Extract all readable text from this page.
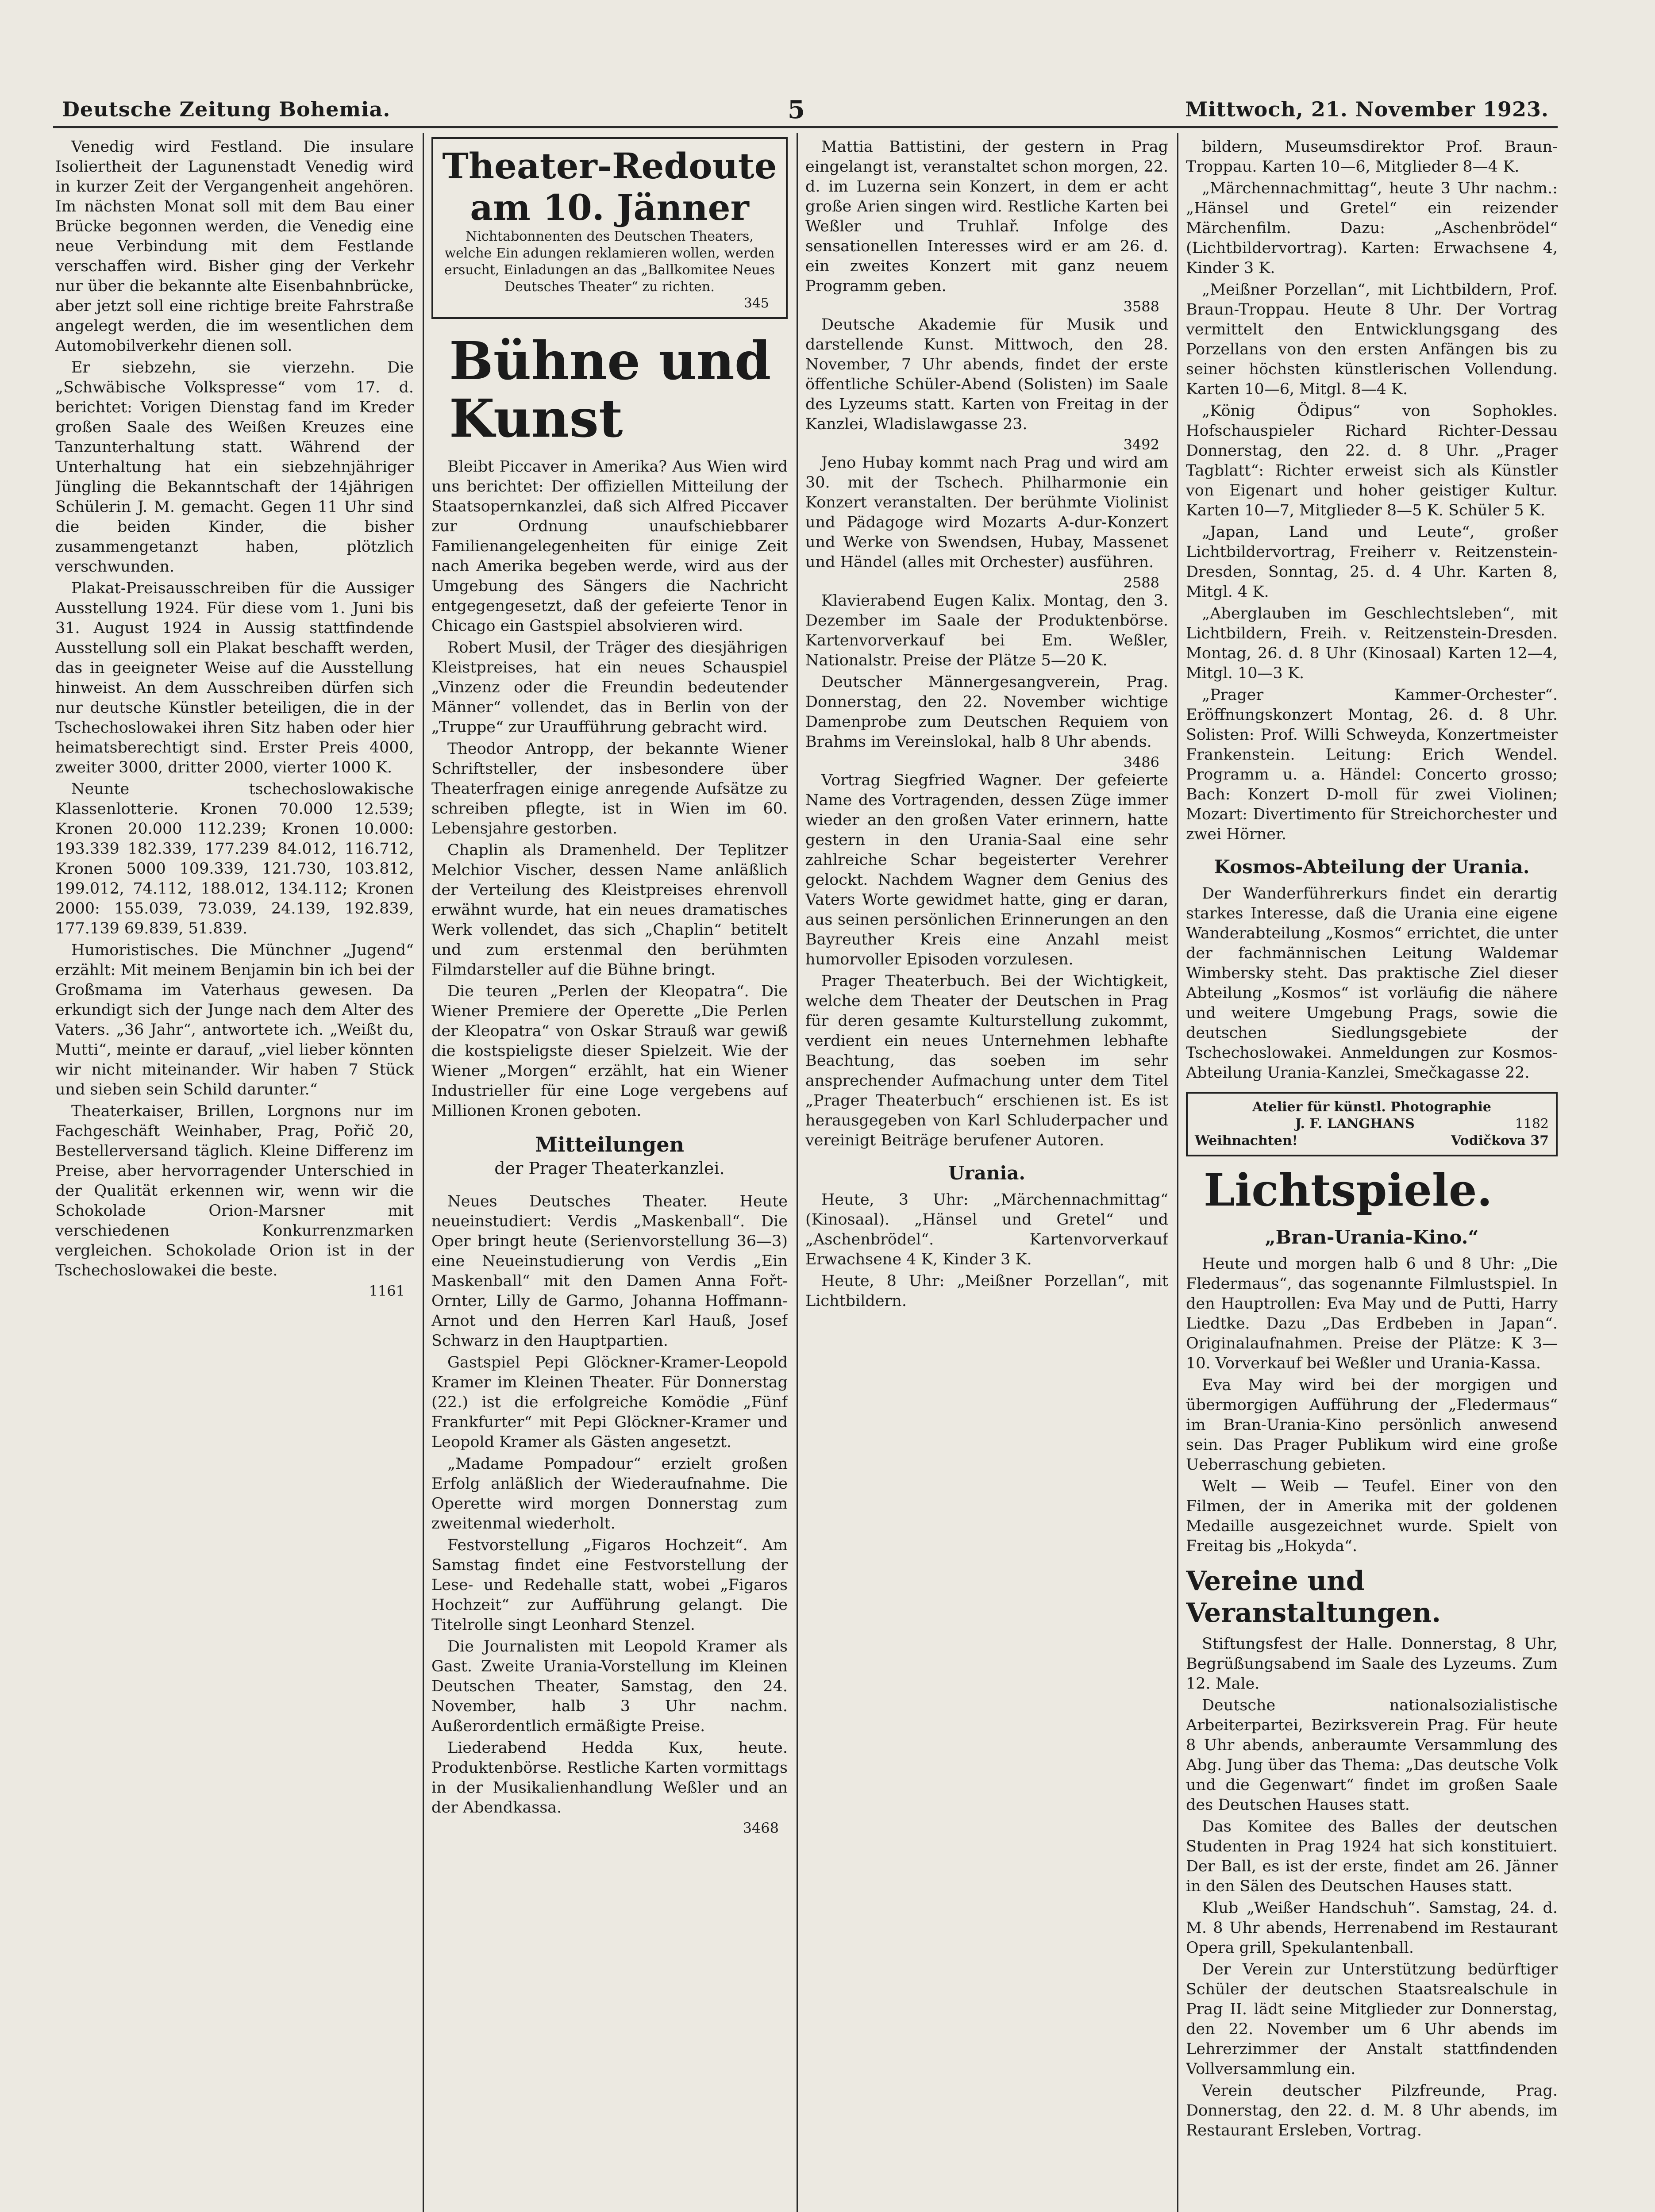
Deutsche Zeitung Bohemia.	5	Mittwoch, 21. November 1923.

Venedig wird Festland. Die insulare Isoliertheit der Lagunenstadt Venedig wird in kurzer Zeit der Vergangenheit angehören. Im nächsten Monat soll mit dem Bau einer Brücke begonnen werden, die Venedig eine neue Verbindung mit dem Festlande verschaffen wird. Bisher ging der Verkehr nur über die bekannte alte Eisenbahnbrücke, aber jetzt soll eine richtige breite Fahrstraße angelegt werden, die im wesentlichen dem Automobilverkehr dienen soll.

Er siebzehn, sie vierzehn. Die „Schwäbische Volkspresse“ vom 17. d. berichtet: Vorigen Dienstag fand im Kreder großen Saale des Weißen Kreuzes eine Tanzunterhaltung statt. Während der Unterhaltung hat ein siebzehnjähriger Jüngling die Bekanntschaft der 14jährigen Schülerin J. M. gemacht. Gegen 11 Uhr sind die beiden Kinder, die bisher zusammengetanzt haben, plötzlich verschwunden.

Plakat-Preisausschreiben für die Aussiger Ausstellung 1924. Für diese vom 1. Juni bis 31. August 1924 in Aussig stattfindende Ausstellung soll ein Plakat beschafft werden, das in geeigneter Weise auf die Ausstellung hinweist. An dem Ausschreiben dürfen sich nur deutsche Künstler beteiligen, die in der Tschechoslowakei ihren Sitz haben oder hier heimatsberechtigt sind. Erster Preis 4000, zweiter 3000, dritter 2000, vierter 1000 K.

Neunte tschechoslowakische Klassenlotterie. Kronen 70.000 12.539; Kronen 20.000 112.239; Kronen 10.000: 193.339 182.339, 177.239 84.012, 116.712, Kronen 5000 109.339, 121.730, 103.812, 199.012, 74.112, 188.012, 134.112; Kronen 2000: 155.039, 73.039, 24.139, 192.839, 177.139 69.839, 51.839.

Humoristisches. Die Münchner „Jugend“ erzählt: Mit meinem Benjamin bin ich bei der Großmama im Vaterhaus gewesen. Da erkundigt sich der Junge nach dem Alter des Vaters. „36 Jahr“, antwortete ich. „Weißt du, Mutti“, meinte er darauf, „viel lieber könnten wir nicht miteinander. Wir haben 7 Stück und sieben sein Schild darunter.“

Theaterkaiser, Brillen, Lorgnons nur im Fachgeschäft Weinhaber, Prag, Pořič 20, Bestellerversand täglich. Kleine Differenz im Preise, aber hervorragender Unterschied in der Qualität erkennen wir, wenn wir die Schokolade Orion-Marsner mit verschiedenen Konkurrenzmarken vergleichen. Schokolade Orion ist in der Tschechoslowakei die beste.

1161
Theater-Redoute am 10. Jänner
Nichtabonnenten des Deutschen Theaters, welche Ein adungen reklamieren wollen, werden ersucht, Einladungen an das „Ballkomitee Neues Deutsches Theater“ zu richten.
345
Bühne und Kunst

Bleibt Piccaver in Amerika? Aus Wien wird uns berichtet: Der offiziellen Mitteilung der Staatsopernkanzlei, daß sich Alfred Piccaver zur Ordnung unaufschiebbarer Familienangelegenheiten für einige Zeit nach Amerika begeben werde, wird aus der Umgebung des Sängers die Nachricht entgegengesetzt, daß der gefeierte Tenor in Chicago ein Gastspiel absolvieren wird.

Robert Musil, der Träger des diesjährigen Kleistpreises, hat ein neues Schauspiel „Vinzenz oder die Freundin bedeutender Männer“ vollendet, das in Berlin von der „Truppe“ zur Uraufführung gebracht wird.

Theodor Antropp, der bekannte Wiener Schriftsteller, der insbesondere über Theaterfragen einige anregende Aufsätze zu schreiben pflegte, ist in Wien im 60. Lebensjahre gestorben.

Chaplin als Dramenheld. Der Teplitzer Melchior Vischer, dessen Name anläßlich der Verteilung des Kleistpreises ehrenvoll erwähnt wurde, hat ein neues dramatisches Werk vollendet, das sich „Chaplin“ betitelt und zum erstenmal den berühmten Filmdarsteller auf die Bühne bringt.

Die teuren „Perlen der Kleopatra“. Die Wiener Premiere der Operette „Die Perlen der Kleopatra“ von Oskar Strauß war gewiß die kostspieligste dieser Spielzeit. Wie der Wiener „Morgen“ erzählt, hat ein Wiener Industrieller für eine Loge vergebens auf Millionen Kronen geboten.

Mitteilungen
der Prager Theaterkanzlei.

Neues Deutsches Theater. Heute neueinstudiert: Verdis „Maskenball“. Die Oper bringt heute (Serienvorstellung 36—3) eine Neueinstudierung von Verdis „Ein Maskenball“ mit den Damen Anna Fořt-Ornter, Lilly de Garmo, Johanna Hoffmann-Arnot und den Herren Karl Hauß, Josef Schwarz in den Hauptpartien.

Gastspiel Pepi Glöckner-Kramer-Leopold Kramer im Kleinen Theater. Für Donnerstag (22.) ist die erfolgreiche Komödie „Fünf Frankfurter“ mit Pepi Glöckner-Kramer und Leopold Kramer als Gästen angesetzt.

„Madame Pompadour“ erzielt großen Erfolg anläßlich der Wiederaufnahme. Die Operette wird morgen Donnerstag zum zweitenmal wiederholt.

Festvorstellung „Figaros Hochzeit“. Am Samstag findet eine Festvorstellung der Lese- und Redehalle statt, wobei „Figaros Hochzeit“ zur Aufführung gelangt. Die Titelrolle singt Leonhard Stenzel.

Die Journalisten mit Leopold Kramer als Gast. Zweite Urania-Vorstellung im Kleinen Deutschen Theater, Samstag, den 24. November, halb 3 Uhr nachm. Außerordentlich ermäßigte Preise.

Liederabend Hedda Kux, heute. Produktenbörse. Restliche Karten vormittags in der Musikalienhandlung Weßler und an der Abendkassa.

3468

Mattia Battistini, der gestern in Prag eingelangt ist, veranstaltet schon morgen, 22. d. im Luzerna sein Konzert, in dem er acht große Arien singen wird. Restliche Karten bei Weßler und Truhlař. Infolge des sensationellen Interesses wird er am 26. d. ein zweites Konzert mit ganz neuem Programm geben.

3588

Deutsche Akademie für Musik und darstellende Kunst. Mittwoch, den 28. November, 7 Uhr abends, findet der erste öffentliche Schüler-Abend (Solisten) im Saale des Lyzeums statt. Karten von Freitag in der Kanzlei, Wladislawgasse 23.

3492

Jeno Hubay kommt nach Prag und wird am 30. mit der Tschech. Philharmonie ein Konzert veranstalten. Der berühmte Violinist und Pädagoge wird Mozarts A-dur-Konzert und Werke von Swendsen, Hubay, Massenet und Händel (alles mit Orchester) ausführen.

2588

Klavierabend Eugen Kalix. Montag, den 3. Dezember im Saale der Produktenbörse. Kartenvorverkauf bei Em. Weßler, Nationalstr. Preise der Plätze 5—20 K.

Deutscher Männergesangverein, Prag. Donnerstag, den 22. November wichtige Damenprobe zum Deutschen Requiem von Brahms im Vereinslokal, halb 8 Uhr abends.

3486

Vortrag Siegfried Wagner. Der gefeierte Name des Vortragenden, dessen Züge immer wieder an den großen Vater erinnern, hatte gestern in den Urania-Saal eine sehr zahlreiche Schar begeisterter Verehrer gelockt. Nachdem Wagner dem Genius des Vaters Worte gewidmet hatte, ging er daran, aus seinen persönlichen Erinnerungen an den Bayreuther Kreis eine Anzahl meist humorvoller Episoden vorzulesen.

Prager Theaterbuch. Bei der Wichtigkeit, welche dem Theater der Deutschen in Prag für deren gesamte Kulturstellung zukommt, verdient ein neues Unternehmen lebhafte Beachtung, das soeben im sehr ansprechender Aufmachung unter dem Titel „Prager Theaterbuch“ erschienen ist. Es ist herausgegeben von Karl Schluderpacher und vereinigt Beiträge berufener Autoren.

Urania.

Heute, 3 Uhr: „Märchennachmittag“ (Kinosaal). „Hänsel und Gretel“ und „Aschenbrödel“. Kartenvorverkauf Erwachsene 4 K, Kinder 3 K.

Heute, 8 Uhr: „Meißner Porzellan“, mit Lichtbildern.

bildern, Museumsdirektor Prof. Braun-Troppau. Karten 10—6, Mitglieder 8—4 K.

„Märchennachmittag“, heute 3 Uhr nachm.: „Hänsel und Gretel“ ein reizender Märchenfilm. Dazu: „Aschenbrödel“ (Lichtbildervortrag). Karten: Erwachsene 4, Kinder 3 K.

„Meißner Porzellan“, mit Lichtbildern, Prof. Braun-Troppau. Heute 8 Uhr. Der Vortrag vermittelt den Entwicklungsgang des Porzellans von den ersten Anfängen bis zu seiner höchsten künstlerischen Vollendung. Karten 10—6, Mitgl. 8—4 K.

„König Ödipus“ von Sophokles. Hofschauspieler Richard Richter-Dessau Donnerstag, den 22. d. 8 Uhr. „Prager Tagblatt“: Richter erweist sich als Künstler von Eigenart und hoher geistiger Kultur. Karten 10—7, Mitglieder 8—5 K. Schüler 5 K.

„Japan, Land und Leute“, großer Lichtbildervortrag, Freiherr v. Reitzenstein-Dresden, Sonntag, 25. d. 4 Uhr. Karten 8, Mitgl. 4 K.

„Aberglauben im Geschlechtsleben“, mit Lichtbildern, Freih. v. Reitzenstein-Dresden. Montag, 26. d. 8 Uhr (Kinosaal) Karten 12—4, Mitgl. 10—3 K.

„Prager Kammer-Orchester“. Eröffnungskonzert Montag, 26. d. 8 Uhr. Solisten: Prof. Willi Schweyda, Konzertmeister Frankenstein. Leitung: Erich Wendel. Programm u. a. Händel: Concerto grosso; Bach: Konzert D-moll für zwei Violinen; Mozart: Divertimento für Streichorchester und zwei Hörner.

Kosmos-Abteilung der Urania.

Der Wanderführerkurs findet ein derartig starkes Interesse, daß die Urania eine eigene Wanderabteilung „Kosmos“ errichtet, die unter der fachmännischen Leitung Waldemar Wimbersky steht. Das praktische Ziel dieser Abteilung „Kosmos“ ist vorläufig die nähere und weitere Umgebung Prags, sowie die deutschen Siedlungsgebiete der Tschechoslowakei. Anmeldungen zur Kosmos-Abteilung Urania-Kanzlei, Smečkagasse 22.

Atelier für künstl. Photographie
J. F. LANGHANS	1182
Weihnachten!	Vodičkova 37
Lichtspiele.
„Bran-Urania-Kino.“

Heute und morgen halb 6 und 8 Uhr: „Die Fledermaus“, das sogenannte Filmlustspiel. In den Hauptrollen: Eva May und de Putti, Harry Liedtke. Dazu „Das Erdbeben in Japan“. Originalaufnahmen. Preise der Plätze: K 3—10. Vorverkauf bei Weßler und Urania-Kassa.

Eva May wird bei der morgigen und übermorgigen Aufführung der „Fledermaus“ im Bran-Urania-Kino persönlich anwesend sein. Das Prager Publikum wird eine große Ueberraschung gebieten.

Welt — Weib — Teufel. Einer von den Filmen, der in Amerika mit der goldenen Medaille ausgezeichnet wurde. Spielt von Freitag bis „Hokyda“.

Vereine und Veranstaltungen.

Stiftungsfest der Halle. Donnerstag, 8 Uhr, Begrüßungsabend im Saale des Lyzeums. Zum 12. Male.

Deutsche nationalsozialistische Arbeiterpartei, Bezirksverein Prag. Für heute 8 Uhr abends, anberaumte Versammlung des Abg. Jung über das Thema: „Das deutsche Volk und die Gegenwart“ findet im großen Saale des Deutschen Hauses statt.

Das Komitee des Balles der deutschen Studenten in Prag 1924 hat sich konstituiert. Der Ball, es ist der erste, findet am 26. Jänner in den Sälen des Deutschen Hauses statt.

Klub „Weißer Handschuh“. Samstag, 24. d. M. 8 Uhr abends, Herrenabend im Restaurant Opera grill, Spekulantenball.

Der Verein zur Unterstützung bedürftiger Schüler der deutschen Staatsrealschule in Prag II. lädt seine Mitglieder zur Donnerstag, den 22. November um 6 Uhr abends im Lehrerzimmer der Anstalt stattfindenden Vollversammlung ein.

Verein deutscher Pilzfreunde, Prag. Donnerstag, den 22. d. M. 8 Uhr abends, im Restaurant Ersleben, Vortrag.
